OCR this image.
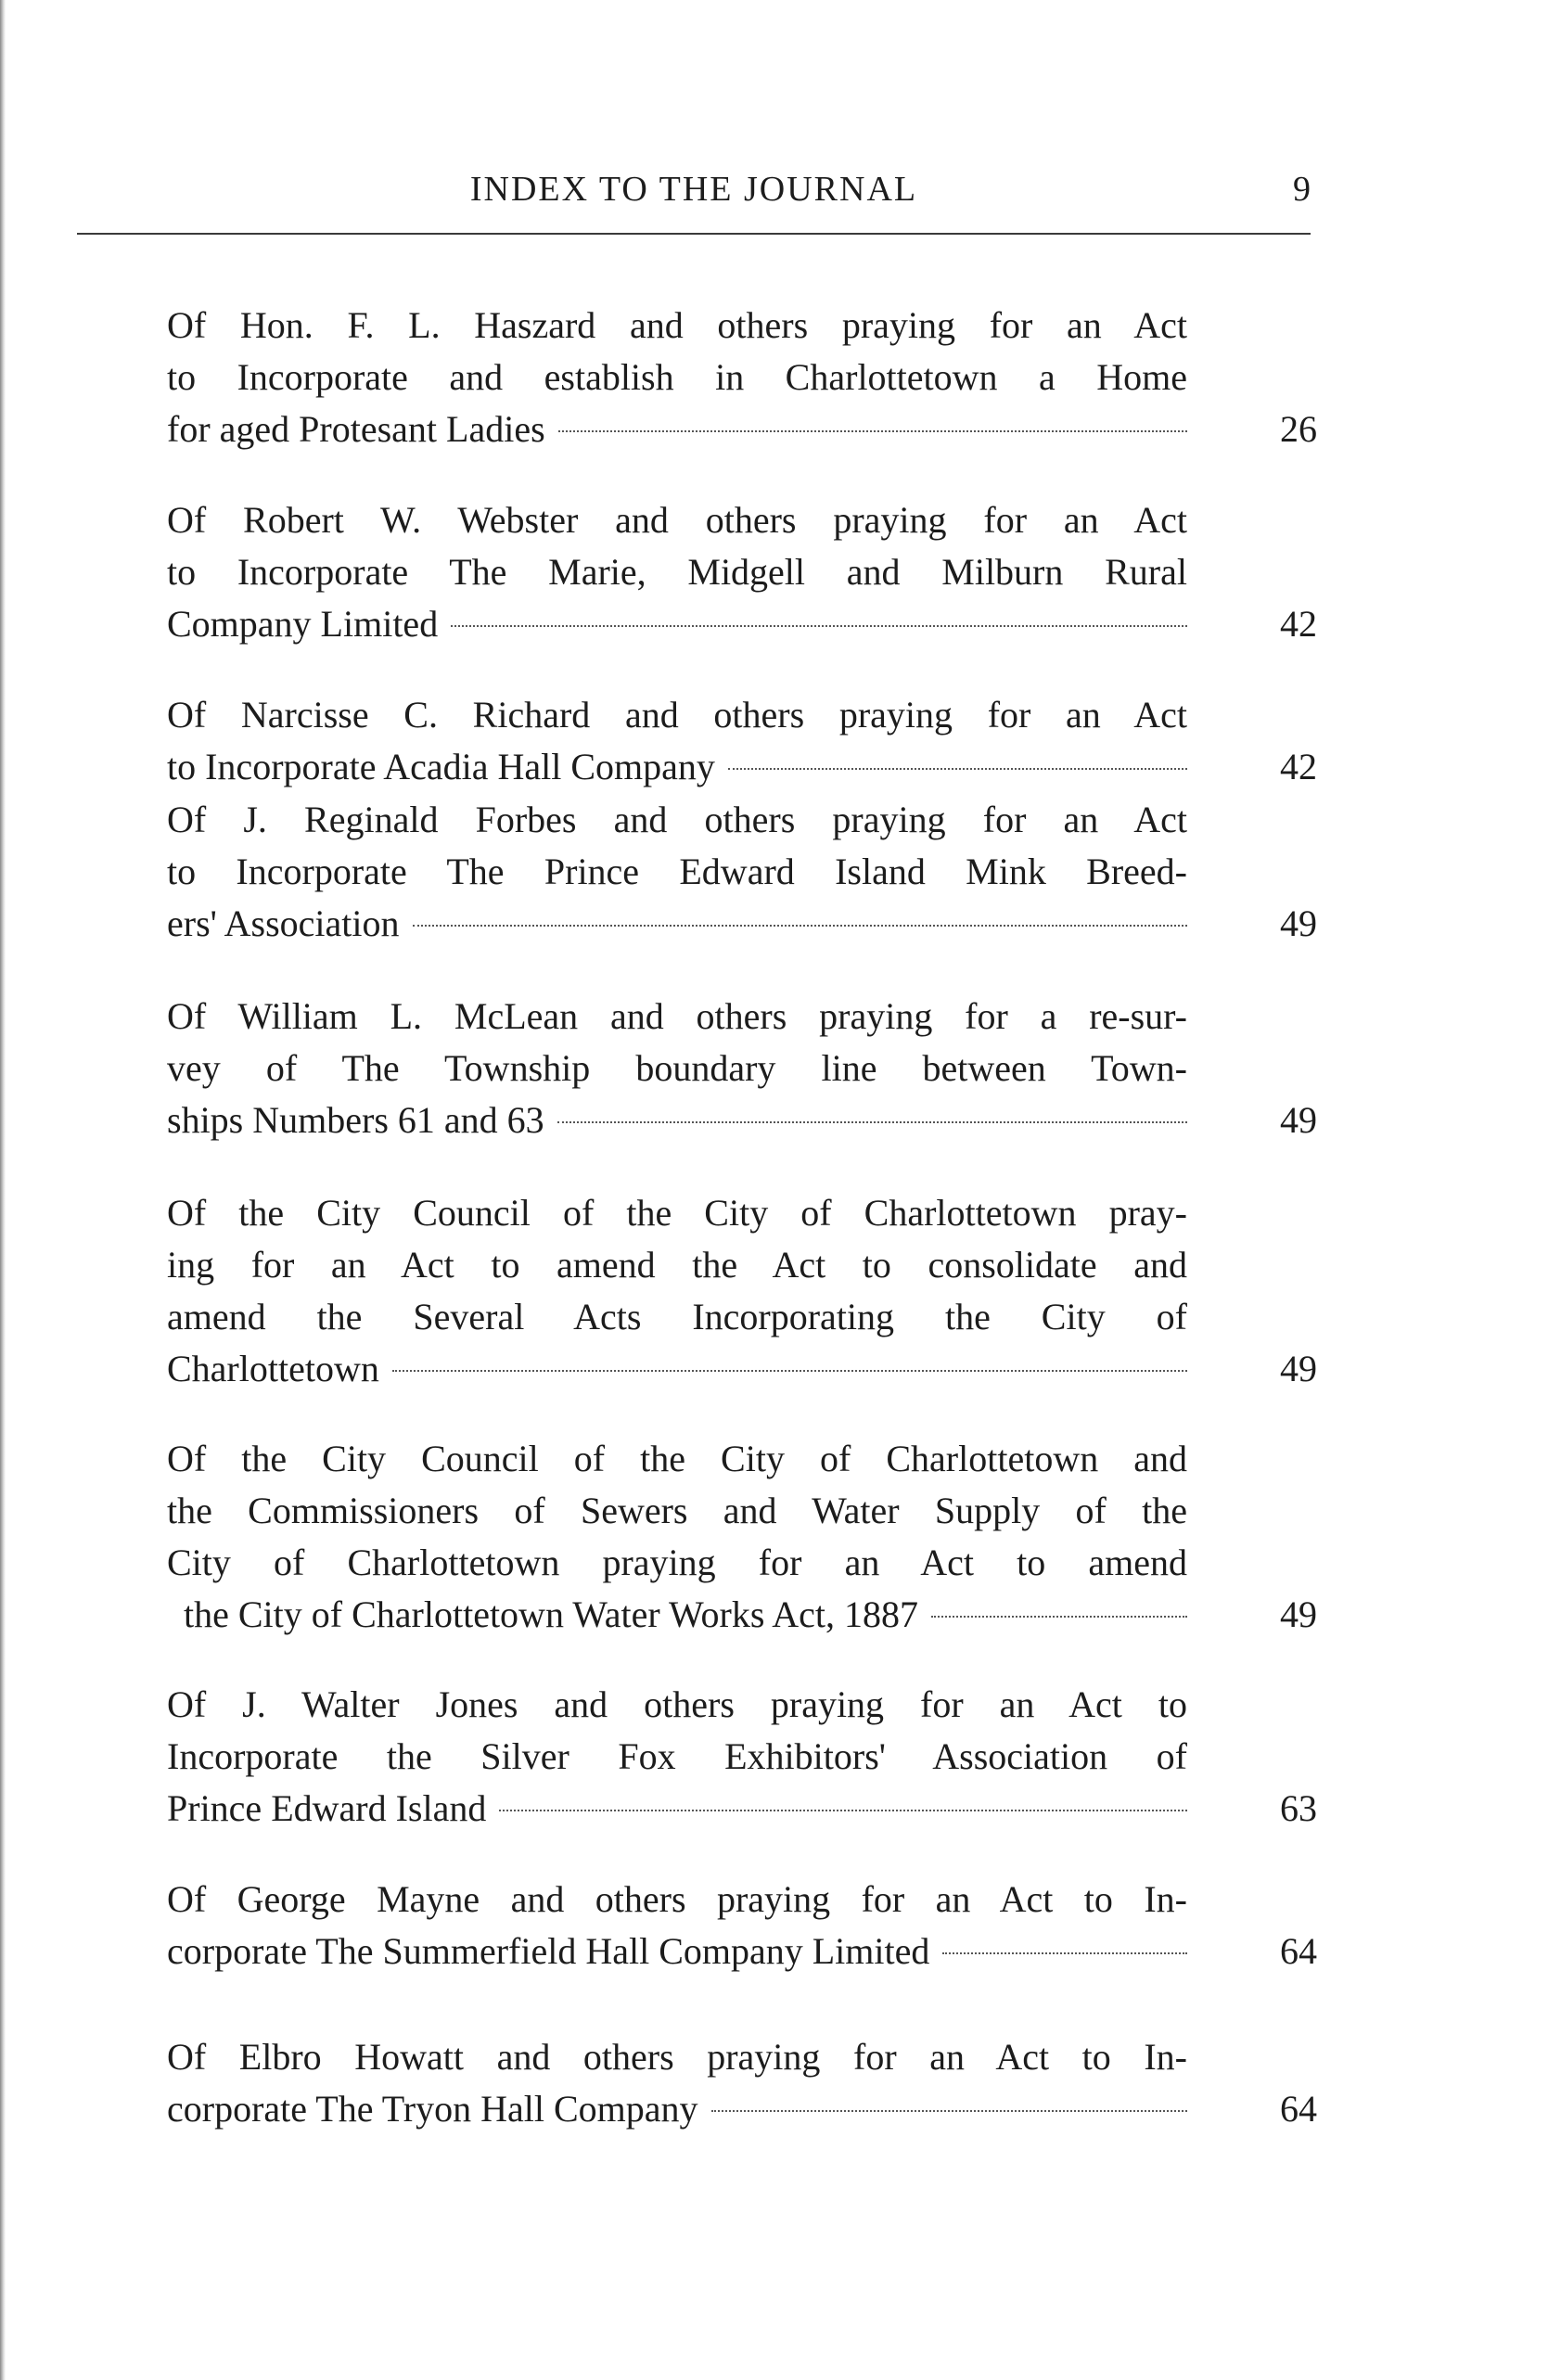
INDEX TO THE JOURNAL	9
Of Hon. F. L. Haszard and others praying for an Act
to Incorporate and establish in Charlottetown a Home
for aged Protesant Ladies	26
Of Robert W. Webster and others praying for an Act
to Incorporate The Marie, Midgell and Milburn Rural
Company Limited	42
Of Narcisse C. Richard and others praying for an Act
to Incorporate Acadia Hall Company	42
Of J. Reginald Forbes and others praying for an Act
to Incorporate The Prince Edward Island Mink Breed-
ers' Association	49
Of William L. McLean and others praying for a re-sur-
vey of The Township boundary line between Town-
ships Numbers 61 and 63	49
Of the City Council of the City of Charlottetown pray-
ing for an Act to amend the Act to consolidate and
amend the Several Acts Incorporating the City of
Charlottetown	49
Of the City Council of the City of Charlottetown and
the Commissioners of Sewers and Water Supply of the
City of Charlottetown praying for an Act to amend
the City of Charlottetown Water Works Act, 1887	49
Of J. Walter Jones and others praying for an Act to
Incorporate the Silver Fox Exhibitors' Association of
Prince Edward Island	63
Of George Mayne and others praying for an Act to In-
corporate The Summerfield Hall Company Limited	64
Of Elbro Howatt and others praying for an Act to In-
corporate The Tryon Hall Company	64
